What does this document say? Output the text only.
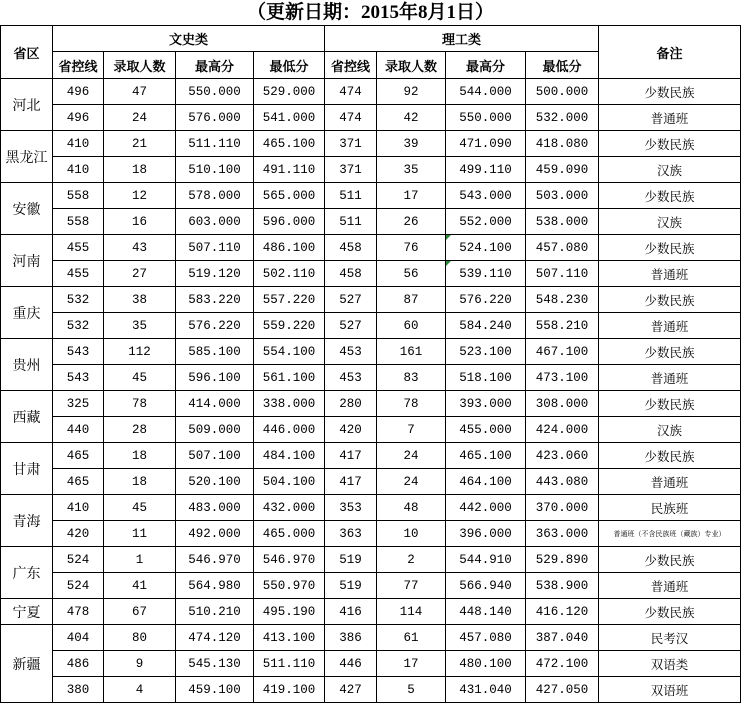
（更新日期：2015年8月1日）
省区	文史类				理工类				备注
	省控线	录取人数	最高分	最低分	省控线	录取人数	最高分	最低分	
河北	496	47	550.000	529.000	474	92	544.000	500.000	少数民族
	496	24	576.000	541.000	474	42	550.000	532.000	普通班
黑龙江	410	21	511.110	465.100	371	39	471.090	418.080	少数民族
	410	18	510.100	491.110	371	35	499.110	459.090	汉族
安徽	558	12	578.000	565.000	511	17	543.000	503.000	少数民族
	558	16	603.000	596.000	511	26	552.000	538.000	汉族
河南	455	43	507.110	486.100	458	76	524.100	457.080	少数民族
	455	27	519.120	502.110	458	56	539.110	507.110	普通班
重庆	532	38	583.220	557.220	527	87	576.220	548.230	少数民族
	532	35	576.220	559.220	527	60	584.240	558.210	普通班
贵州	543	112	585.100	554.100	453	161	523.100	467.100	少数民族
	543	45	596.100	561.100	453	83	518.100	473.100	普通班
西藏	325	78	414.000	338.000	280	78	393.000	308.000	少数民族
	440	28	509.000	446.000	420	7	455.000	424.000	汉族
甘肃	465	18	507.100	484.100	417	24	465.100	423.060	少数民族
	465	18	520.100	504.100	417	24	464.100	443.080	普通班
青海	410	45	483.000	432.000	353	48	442.000	370.000	民族班
	420	11	492.000	465.000	363	10	396.000	363.000	普通班（不含民族班（藏族）专业）
广东	524	1	546.970	546.970	519	2	544.910	529.890	少数民族
	524	41	564.980	550.970	519	77	566.940	538.900	普通班
宁夏	478	67	510.210	495.190	416	114	448.140	416.120	少数民族
新疆	404	80	474.120	413.100	386	61	457.080	387.040	民考汉
	486	9	545.130	511.110	446	17	480.100	472.100	双语类
	380	4	459.100	419.100	427	5	431.040	427.050	双语班
